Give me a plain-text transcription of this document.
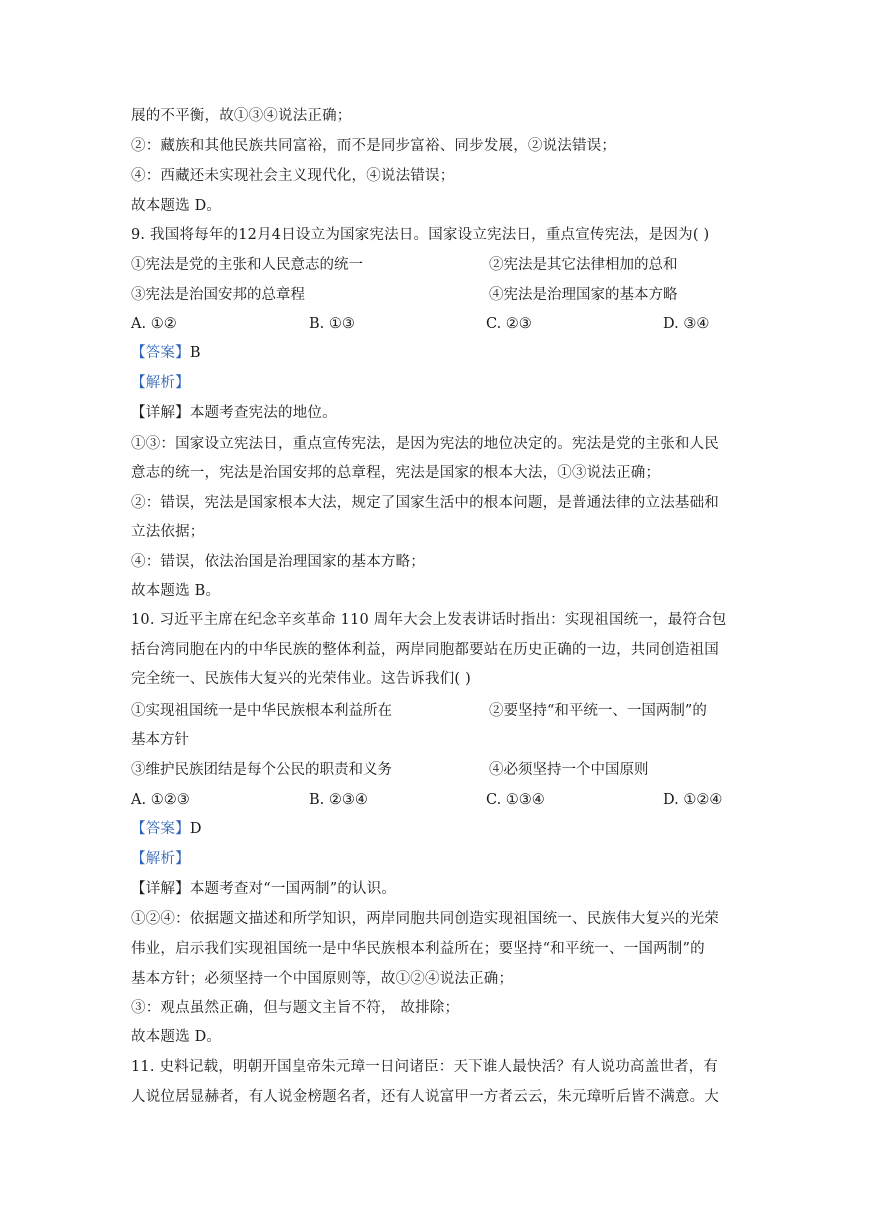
展的不平衡，故①③④说法正确；
②：藏族和其他民族共同富裕，而不是同步富裕、同步发展，②说法错误；
④：西藏还未实现社会主义现代化，④说法错误；
故本题选 D。
9. 我国将每年的12月4日设立为国家宪法日。国家设立宪法日，重点宣传宪法，是因为( )
①宪法是党的主张和人民意志的统一	②宪法是其它法律相加的总和
③宪法是治国安邦的总章程	④宪法是治理国家的基本方略
A. ①②	B. ①③	C. ②③	D. ③④
【答案】B
【解析】
【详解】本题考查宪法的地位。
①③：国家设立宪法日，重点宣传宪法，是因为宪法的地位决定的。宪法是党的主张和人民
意志的统一，宪法是治国安邦的总章程，宪法是国家的根本大法，①③说法正确；
②：错误，宪法是国家根本大法，规定了国家生活中的根本问题，是普通法律的立法基础和
立法依据；
④：错误，依法治国是治理国家的基本方略；
故本题选 B。
10. 习近平主席在纪念辛亥革命 110 周年大会上发表讲话时指出：实现祖国统一，最符合包
括台湾同胞在内的中华民族的整体利益，两岸同胞都要站在历史正确的一边，共同创造祖国
完全统一、民族伟大复兴的光荣伟业。这告诉我们( )
①实现祖国统一是中华民族根本利益所在	②要坚持“和平统一、一国两制”的
基本方针
③维护民族团结是每个公民的职责和义务	④必须坚持一个中国原则
A. ①②③	B. ②③④	C. ①③④	D. ①②④
【答案】D
【解析】
【详解】本题考查对“一国两制”的认识。
①②④：依据题文描述和所学知识，两岸同胞共同创造实现祖国统一、民族伟大复兴的光荣
伟业，启示我们实现祖国统一是中华民族根本利益所在；要坚持“和平统一、一国两制”的
基本方针；必须坚持一个中国原则等，故①②④说法正确；
③：观点虽然正确，但与题文主旨不符， 故排除；
故本题选 D。
11. 史料记载，明朝开国皇帝朱元璋一日问诸臣：天下谁人最快活？有人说功高盖世者，有
人说位居显赫者，有人说金榜题名者，还有人说富甲一方者云云，朱元璋听后皆不满意。大
